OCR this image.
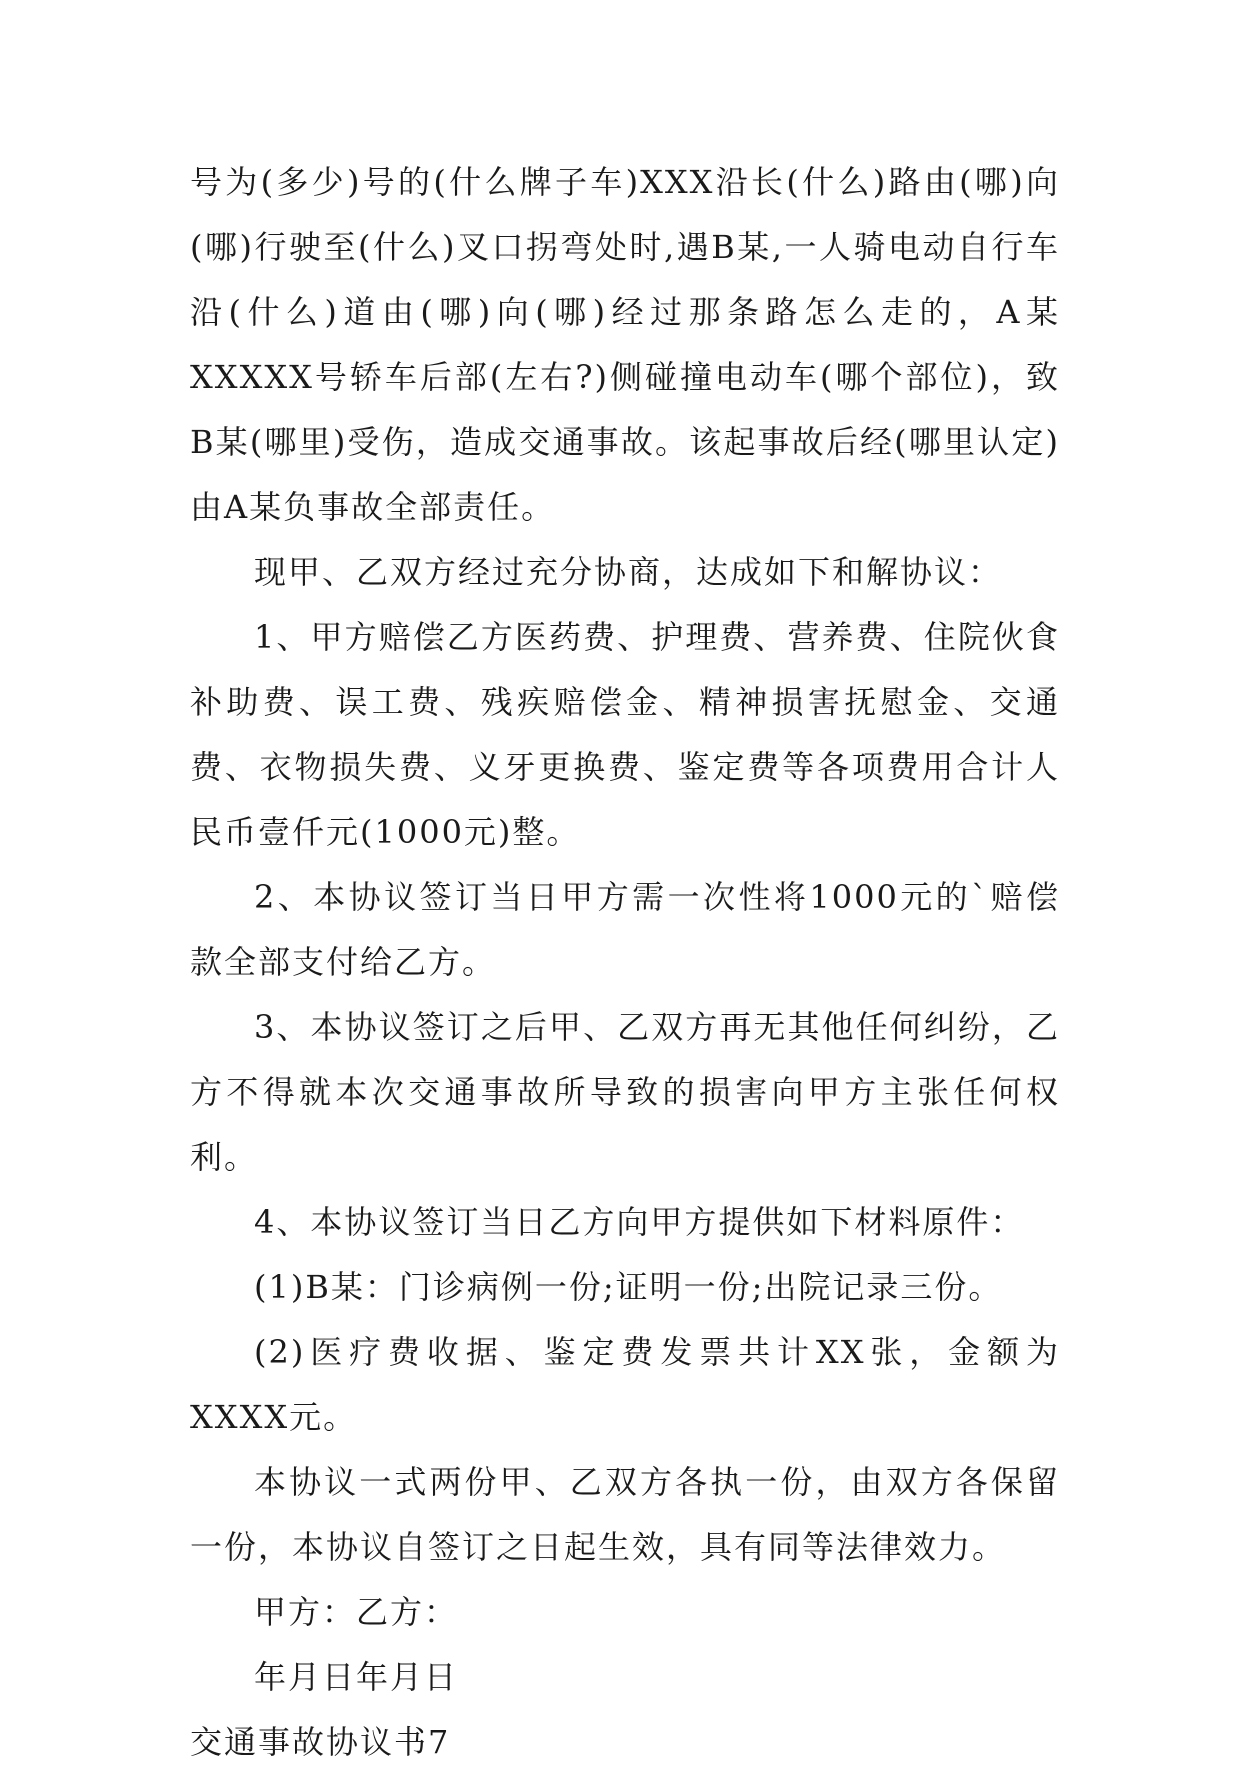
号为(多少)号的(什么牌子车)XXX沿长(什么)路由(哪)向(哪)行驶至(什么)叉口拐弯处时,遇B某,一人骑电动自行车沿(什么)道由(哪)向(哪)经过那条路怎么走的，A某XXXXX号轿车后部(左右?)侧碰撞电动车(哪个部位)，致B某(哪里)受伤，造成交通事故。该起事故后经(哪里认定)由A某负事故全部责任。

现甲、乙双方经过充分协商，达成如下和解协议：

1、甲方赔偿乙方医药费、护理费、营养费、住院伙食补助费、误工费、残疾赔偿金、精神损害抚慰金、交通费、衣物损失费、义牙更换费、鉴定费等各项费用合计人民币壹仟元(1000元)整。

2、本协议签订当日甲方需一次性将1000元的`赔偿款全部支付给乙方。

3、本协议签订之后甲、乙双方再无其他任何纠纷，乙方不得就本次交通事故所导致的损害向甲方主张任何权利。

4、本协议签订当日乙方向甲方提供如下材料原件：

(1)B某：门诊病例一份;证明一份;出院记录三份。

(2)医疗费收据、鉴定费发票共计XX张，金额为XXXX元。

本协议一式两份甲、乙双方各执一份，由双方各保留一份，本协议自签订之日起生效，具有同等法律效力。

甲方：乙方：

年月日年月日

交通事故协议书7
